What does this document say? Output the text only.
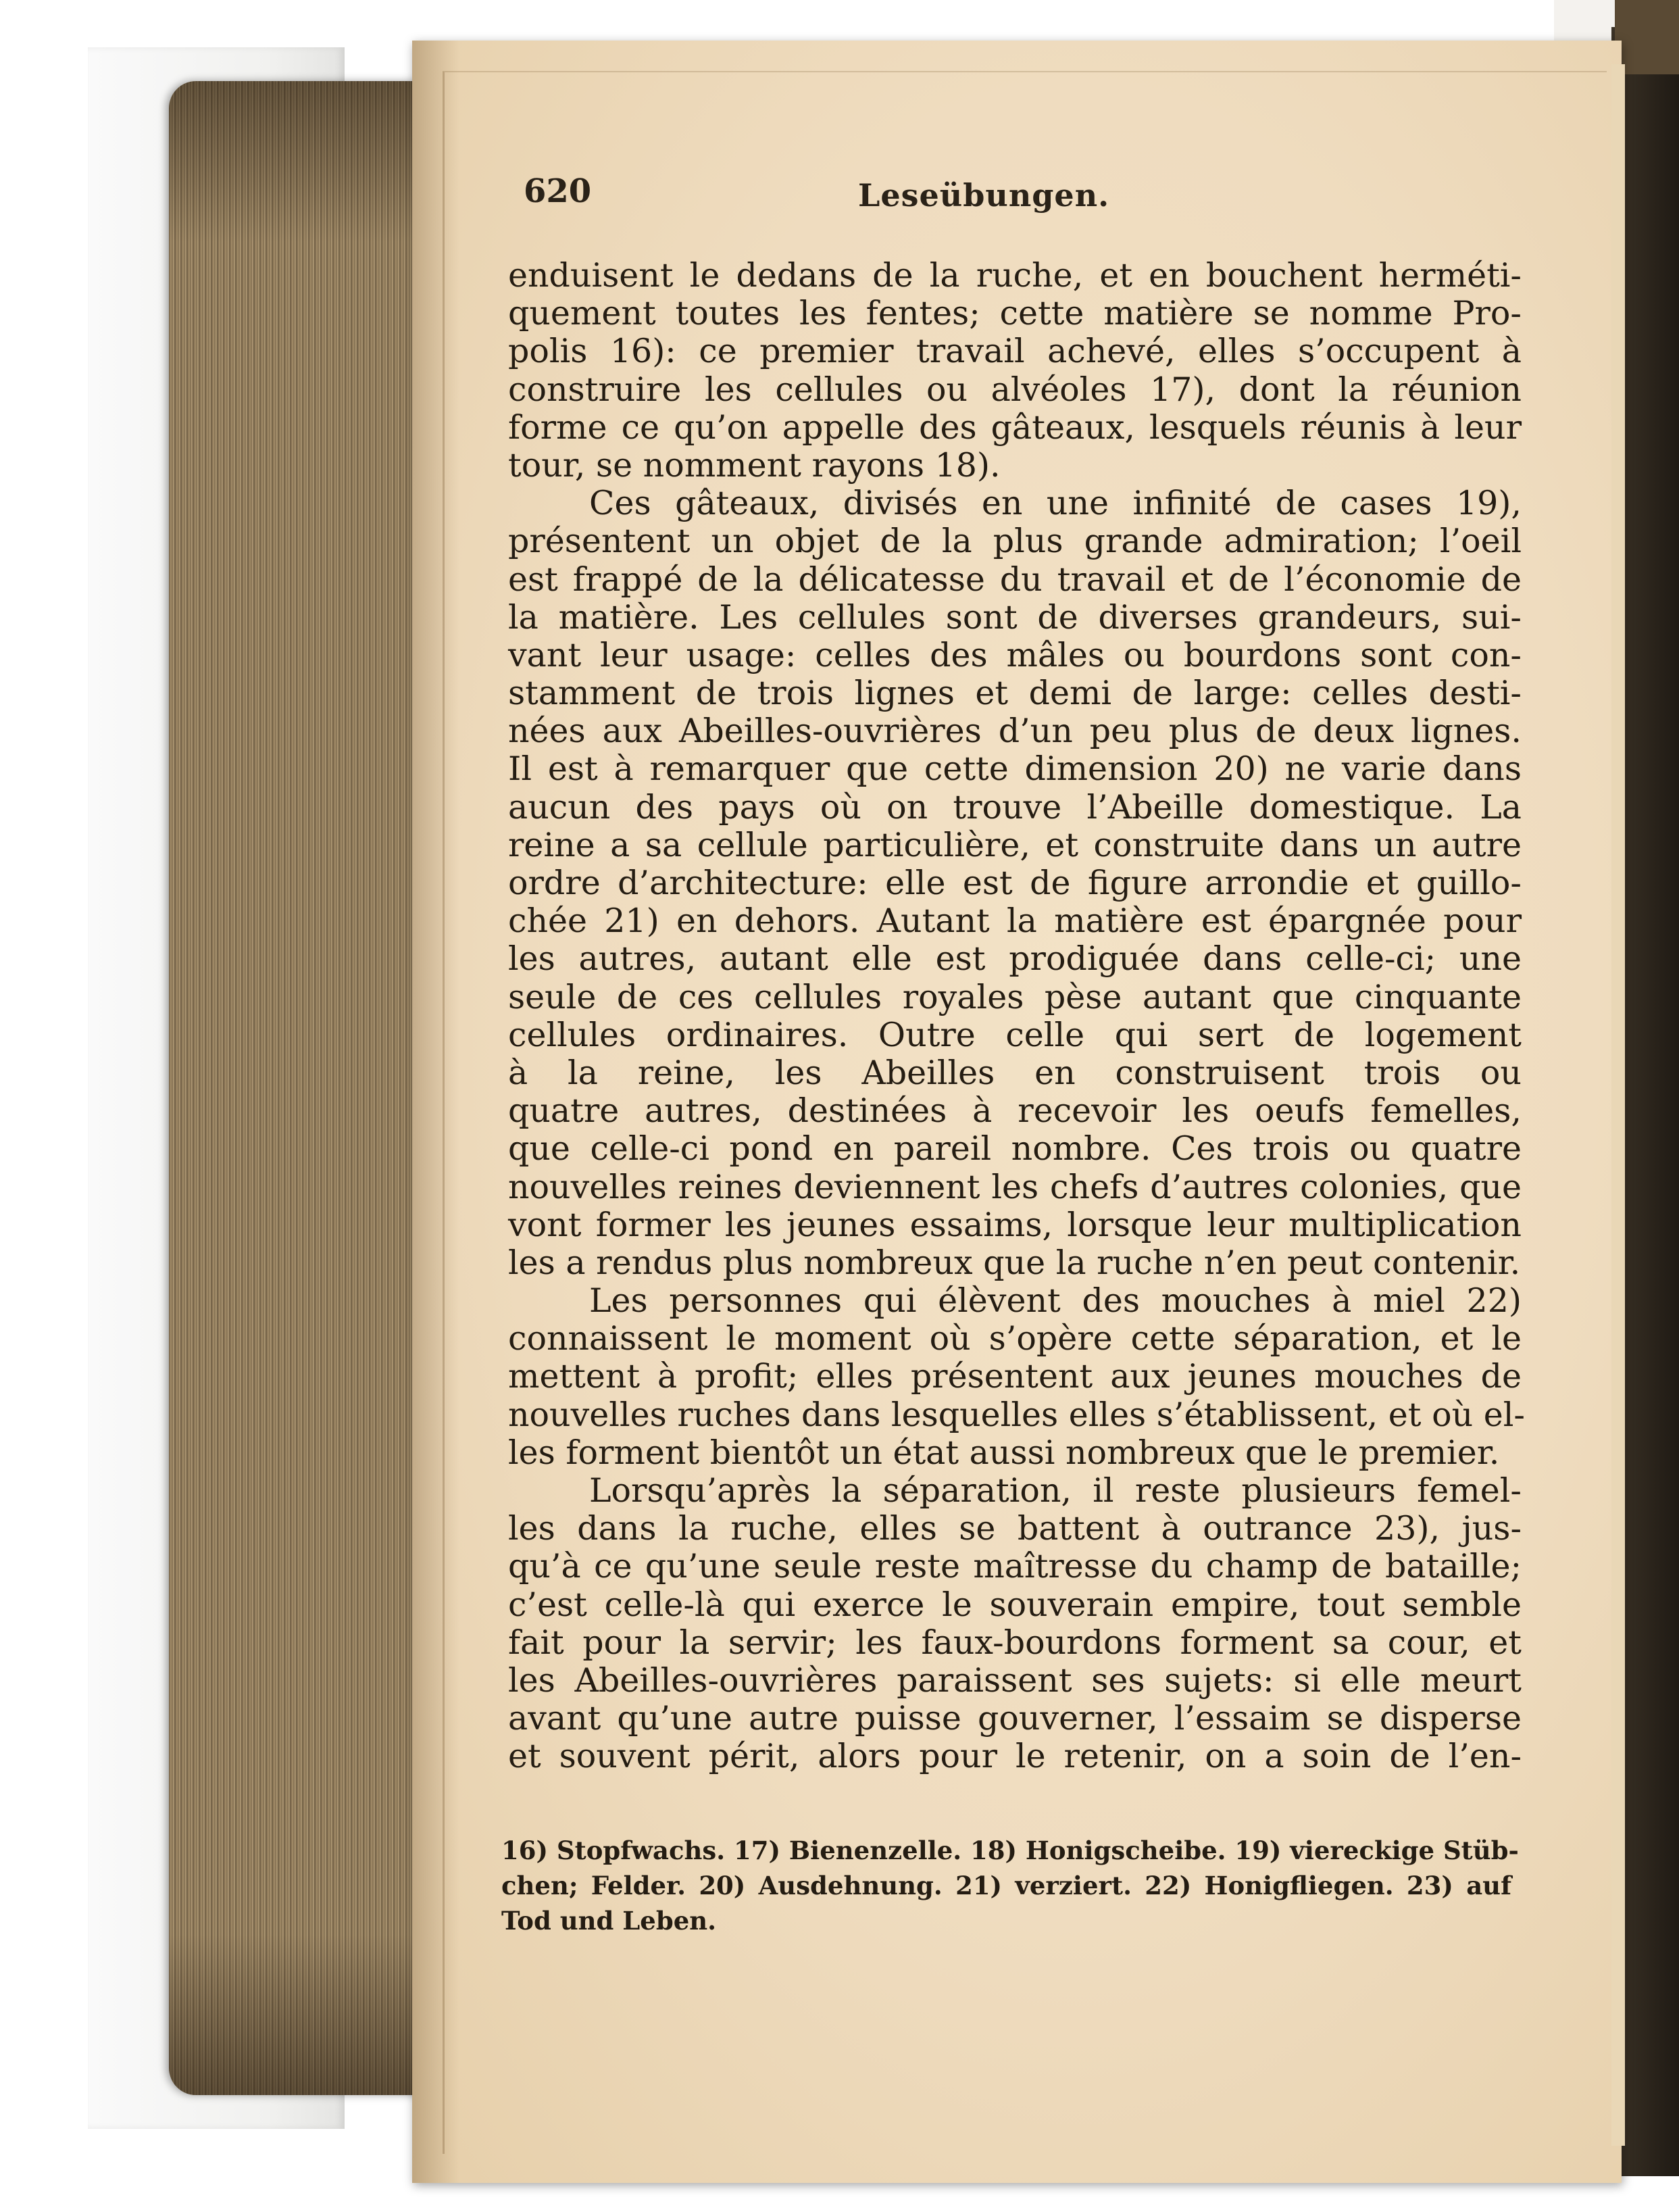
620	Leseübungen.
enduisent le dedans de la ruche, et en bouchent herméti-
quement toutes les fentes; cette matière se nomme Pro-
polis 16): ce premier travail achevé, elles s’occupent à
construire les cellules ou alvéoles 17), dont la réunion
forme ce qu’on appelle des gâteaux, lesquels réunis à leur
tour, se nomment rayons 18).
Ces gâteaux, divisés en une infinité de cases 19),
présentent un objet de la plus grande admiration; l’oeil
est frappé de la délicatesse du travail et de l’économie de
la matière. Les cellules sont de diverses grandeurs, sui-
vant leur usage: celles des mâles ou bourdons sont con-
stamment de trois lignes et demi de large: celles desti-
nées aux Abeilles-ouvrières d’un peu plus de deux lignes.
Il est à remarquer que cette dimension 20) ne varie dans
aucun des pays où on trouve l’Abeille domestique. La
reine a sa cellule particulière, et construite dans un autre
ordre d’architecture: elle est de figure arrondie et guillo-
chée 21) en dehors. Autant la matière est épargnée pour
les autres, autant elle est prodiguée dans celle-ci; une
seule de ces cellules royales pèse autant que cinquante
cellules ordinaires. Outre celle qui sert de logement
à la reine, les Abeilles en construisent trois ou
quatre autres, destinées à recevoir les oeufs femelles,
que celle-ci pond en pareil nombre. Ces trois ou quatre
nouvelles reines deviennent les chefs d’autres colonies, que
vont former les jeunes essaims, lorsque leur multiplication
les a rendus plus nombreux que la ruche n’en peut contenir.
Les personnes qui élèvent des mouches à miel 22)
connaissent le moment où s’opère cette séparation, et le
mettent à profit; elles présentent aux jeunes mouches de
nouvelles ruches dans lesquelles elles s’établissent, et où el-
les forment bientôt un état aussi nombreux que le premier.
Lorsqu’après la séparation, il reste plusieurs femel-
les dans la ruche, elles se battent à outrance 23), jus-
qu’à ce qu’une seule reste maîtresse du champ de bataille;
c’est celle-là qui exerce le souverain empire, tout semble
fait pour la servir; les faux-bourdons forment sa cour, et
les Abeilles-ouvrières paraissent ses sujets: si elle meurt
avant qu’une autre puisse gouverner, l’essaim se disperse
et souvent périt, alors pour le retenir, on a soin de l’en-
16) Stopfwachs. 17) Bienenzelle. 18) Honigscheibe. 19) viereckige Stüb-
chen; Felder. 20) Ausdehnung. 21) verziert. 22) Honigfliegen. 23) auf
Tod und Leben.
